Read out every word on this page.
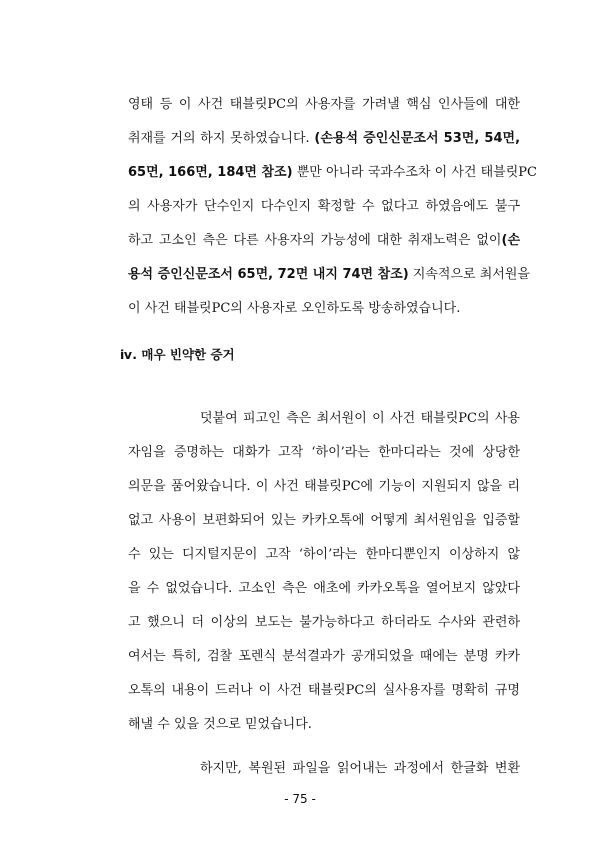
영태 등 이 사건 태블릿PC의 사용자를 가려낼 핵심 인사들에 대한
취재를 거의 하지 못하였습니다. (손용석 증인신문조서 53면, 54면,
65면, 166면, 184면 참조) 뿐만 아니라 국과수조차 이 사건 태블릿PC
의 사용자가 단수인지 다수인지 확정할 수 없다고 하였음에도 불구
하고 고소인 측은 다른 사용자의 가능성에 대한 취재노력은 없이(손
용석 증인신문조서 65면, 72면 내지 74면 참조) 지속적으로 최서원을
이 사건 태블릿PC의 사용자로 오인하도록 방송하였습니다.
ⅳ. 매우 빈약한 증거
덧붙여 피고인 측은 최서원이 이 사건 태블릿PC의 사용
자임을 증명하는 대화가 고작 ‘하이’라는 한마디라는 것에 상당한
의문을 품어왔습니다. 이 사건 태블릿PC에 기능이 지원되지 않을 리
없고 사용이 보편화되어 있는 카카오톡에 어떻게 최서원임을 입증할
수 있는 디지털지문이 고작 ‘하이’라는 한마디뿐인지 이상하지 않
을 수 없었습니다. 고소인 측은 애초에 카카오톡을 열어보지 않았다
고 했으니 더 이상의 보도는 불가능하다고 하더라도 수사와 관련하
여서는 특히, 검찰 포렌식 분석결과가 공개되었을 때에는 분명 카카
오톡의 내용이 드러나 이 사건 태블릿PC의 실사용자를 명확히 규명
해낼 수 있을 것으로 믿었습니다.
하지만, 복원된 파일을 읽어내는 과정에서 한글화 변환
- 75 -
